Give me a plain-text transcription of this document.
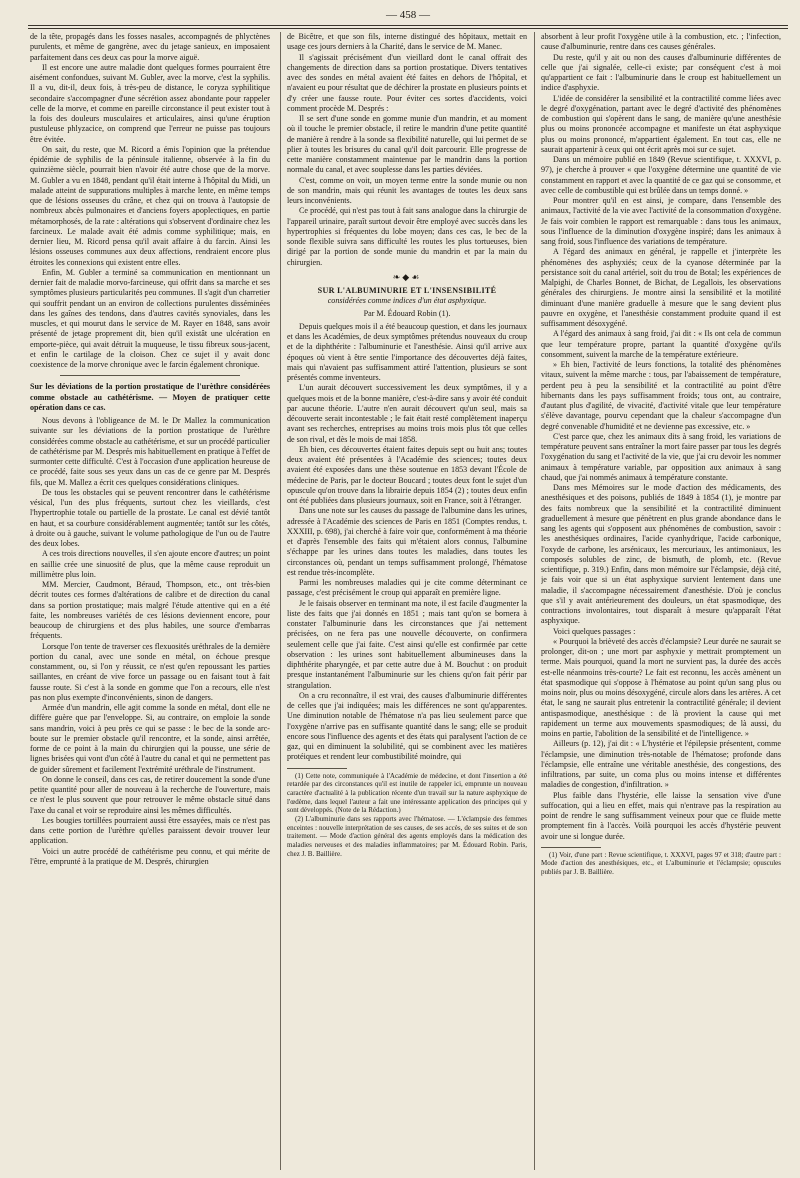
— 458 —

de la tête, propagés dans les fosses nasales, accompagnés de phlyctènes purulents, et même de gangrène, avec du jetage sanieux, en imposaient parfaitement dans ces deux cas pour la morve aiguë.

Il est encore une autre maladie dont quelques formes pourraient être aisément confondues, suivant M. Gubler, avec la morve, c'est la syphilis. Il a vu, dit-il, deux fois, à très-peu de distance, le coryza syphilitique secondaire s'accompagner d'une sécrétion assez abondante pour rappeler celle de la morve, et comme en pareille circonstance il peut exister tout à la fois des douleurs musculaires et articulaires, ainsi qu'une éruption pustuleuse phlyzacice, on comprend que l'erreur ne puisse pas toujours être évitée.

On sait, du reste, que M. Ricord a émis l'opinion que la prétendue épidémie de syphilis de la péninsule italienne, observée à la fin du quinzième siècle, pourrait bien n'avoir été autre chose que de la morve. M. Gubler a vu en 1848, pendant qu'il était interne à l'hôpital du Midi, un malade atteint de suppurations multiples à marche lente, en même temps que de lésions osseuses du crâne, et chez qui on trouva à l'autopsie de nombreux abcès pulmonaires et d'anciens foyers apoplectiques, en partie métamorphosés, de la rate : altérations qui s'observent d'ordinaire chez les farcineux. Le malade avait été admis comme syphilitique; mais, en dernier lieu, M. Ricord pensa qu'il avait affaire à du farcin. Ainsi les lésions osseuses communes aux deux affections, rendraient encore plus étroites les connexions qui existent entre elles.

Enfin, M. Gubler a terminé sa communication en mentionnant un dernier fait de maladie morvo-farcineuse, qui offrit dans sa marche et ses symptômes plusieurs particularités peu communes. Il s'agit d'un charretier qui souffrit pendant un an environ de collections purulentes disséminées dans les gaînes des tendons, dans d'autres cavités synoviales, dans les muscles, et qui mourut dans le service de M. Rayer en 1848, sans avoir présenté de jetage proprement dit, bien qu'il existât une ulcération en emporte-pièce, qui avait détruit la muqueuse, le tissu fibreux sous-jacent, et enfin le cartilage de la cloison. Chez ce sujet il y avait donc coexistence de la morve chronique avec le farcin également chronique.

Sur les déviations de la portion prostatique de l'urèthre considérées comme obstacle au cathétérisme. — Moyen de pratiquer cette opération dans ce cas.

Nous devons à l'obligeance de M. le Dr Mallez la communication suivante sur les déviations de la portion prostatique de l'urèthre considérées comme obstacle au cathétérisme, et sur un procédé particulier de cathétérisme par M. Després mis habituellement en pratique à l'effet de surmonter cette difficulté. C'est à l'occasion d'une application heureuse de ce procédé, faite sous ses yeux dans un cas de ce genre par M. Després fils, que M. Mallez a écrit ces quelques considérations cliniques.

De tous les obstacles qui se peuvent rencontrer dans le cathétérisme vésical, l'un des plus fréquents, surtout chez les vieillards, c'est l'hypertrophie totale ou partielle de la prostate. Le canal est dévié tantôt en haut, et sa courbure considérablement augmentée; tantôt sur les côtés, à droite ou à gauche, suivant le volume pathologique de l'un ou de l'autre des deux lobes.

A ces trois directions nouvelles, il s'en ajoute encore d'autres; un point en saillie crée une sinuosité de plus, que la même cause reproduit un millimètre plus loin.

MM. Mercier, Caudmont, Béraud, Thompson, etc., ont très-bien décrit toutes ces formes d'altérations de calibre et de direction du canal dans sa portion prostatique; mais malgré l'étude attentive qui en a été faite, les nombreuses variétés de ces lésions deviennent encore, pour beaucoup de chirurgiens et des plus habiles, une source d'embarras fréquents.

Lorsque l'on tente de traverser ces flexuosités uréthrales de la dernière portion du canal, avec une sonde en métal, on échoue presque constamment, ou, si l'on y réussit, ce n'est qu'en repoussant les parties saillantes, en créant de vive force un passage ou en faisant tout à fait fausse route. Si c'est à la sonde en gomme que l'on a recours, elle n'est pas non plus exempte d'inconvénients, sinon de dangers.

Armée d'un mandrin, elle agit comme la sonde en métal, dont elle ne diffère guère que par l'enveloppe. Si, au contraire, on emploie la sonde sans mandrin, voici à peu près ce qui se passe : le bec de la sonde arc-boute sur le premier obstacle qu'il rencontre, et la sonde, ainsi arrêtée, forme de ce point à la main du chirurgien qui la pousse, une série de lignes brisées qui vont d'un côté à l'autre du canal et qui ne permettent pas de guider sûrement et facilement l'extrémité uréthrale de l'instrument.

On donne le conseil, dans ces cas, de retirer doucement la sonde d'une petite quantité pour aller de nouveau à la recherche de l'ouverture, mais ce n'est le plus souvent que pour retrouver le même obstacle situé dans l'axe du canal et voir se reproduire ainsi les mêmes difficultés.

Les bougies tortillées pourraient aussi être essayées, mais ce n'est pas dans cette portion de l'urèthre qu'elles paraissent devoir trouver leur application.

Voici un autre procédé de cathétérisme peu connu, et qui mérite de l'être, emprunté à la pratique de M. Després, chirurgien

de Bicêtre, et que son fils, interne distingué des hôpitaux, mettait en usage ces jours derniers à la Charité, dans le service de M. Manec.

Il s'agissait précisément d'un vieillard dont le canal offrait des changements de direction dans sa portion prostatique. Divers tentatives avec des sondes en métal avaient été faites en dehors de l'hôpital, et n'avaient eu pour résultat que de déchirer la prostate en plusieurs points et d'y créer une fausse route. Pour éviter ces sortes d'accidents, voici comment procède M. Després :

Il se sert d'une sonde en gomme munie d'un mandrin, et au moment où il touche le premier obstacle, il retire le mandrin d'une petite quantité de manière à rendre à la sonde sa flexibilité naturelle, qui lui permet de se plier à toutes les brisures du canal qu'il doit parcourir. Elle progresse de cette manière constamment maintenue par le mandrin dans la portion normale du canal, et avec souplesse dans les parties déviées.

C'est, comme on voit, un moyen terme entre la sonde munie ou non de son mandrin, mais qui réunit les avantages de toutes les deux sans leurs inconvénients.

Ce procédé, qui n'est pas tout à fait sans analogue dans la chirurgie de l'appareil urinaire, paraît surtout devoir être employé avec succès dans les hypertrophies si fréquentes du lobe moyen; dans ces cas, le bec de la sonde flexible suivra sans difficulté les routes les plus tortueuses, bien dirigé par la portion de sonde munie du mandrin et par la main du chirurgien.

❧◆☙

SUR L'ALBUMINURIE ET L'INSENSIBILITÉ

considérées comme indices d'un état asphyxique.

Par M. Édouard Robin (1).

Depuis quelques mois il a été beaucoup question, et dans les journaux et dans les Académies, de deux symptômes prétendus nouveaux du croup et de la diphthérite : l'albuminurie et l'anesthésie. Ainsi qu'il arrive aux époques où vient à être sentie l'importance des découvertes déjà faites, mais qui n'avaient pas suffisamment attiré l'attention, plusieurs se sont présentés comme inventeurs.

L'un aurait découvert successivement les deux symptômes, il y a quelques mois et de la bonne manière, c'est-à-dire sans y avoir été conduit par aucune théorie. L'autre n'en aurait découvert qu'un seul, mais sa découverte serait incontestable ; le fait était resté complètement inaperçu avant ses recherches, entreprises au moins trois mois plus tôt que celles de son rival, et dès le mois de mai 1858.

Eh bien, ces découvertes étaient faites depuis sept ou huit ans; toutes deux avaient été présentées à l'Académie des sciences; toutes deux avaient été exposées dans une thèse soutenue en 1853 devant l'École de médecine de Paris, par le docteur Boucard ; toutes deux font le sujet d'un opuscule qu'on trouve dans la librairie depuis 1854 (2) ; toutes deux enfin ont été publiées dans plusieurs journaux, soit en France, soit à l'étranger.

Dans une note sur les causes du passage de l'albumine dans les urines, adressée à l'Académie des sciences de Paris en 1851 (Comptes rendus, t. XXXIII, p. 698), j'ai cherché à faire voir que, conformément à ma théorie et d'après l'ensemble des faits qui m'étaient alors connus, l'albumine s'échappe par les urines dans toutes les maladies, dans toutes les circonstances où, pendant un temps suffisamment prolongé, l'hématose est rendue très-incomplète.

Parmi les nombreuses maladies qui je cite comme déterminant ce passage, c'est précisément le croup qui apparaît en première ligne.

Je le faisais observer en terminant ma note, il est facile d'augmenter la liste des faits que j'ai donnés en 1851 ; mais tant qu'on se bornera à constater l'albuminurie dans les circonstances que j'ai nettement précisées, on ne fera pas une nouvelle découverte, on confirmera seulement celle que j'ai faite. C'est ainsi qu'elle est confirmée par cette observation : les urines sont habituellement albumineuses dans la diphthérite pharyngée, et par cette autre due à M. Bouchut : on produit presque instantanément l'albuminurie sur les chiens qu'on fait périr par strangulation.

On a cru reconnaître, il est vrai, des causes d'albuminurie différentes de celles que j'ai indiquées; mais les différences ne sont qu'apparentes. Une diminution notable de l'hématose n'a pas lieu seulement parce que l'oxygène n'arrive pas en suffisante quantité dans le sang; elle se produit encore sous l'influence des agents et des états qui paralysent l'action de ce gaz, qui en diminuent la solubilité, qui se combinent avec les matières protéiques et rendent leur combustibilité moindre, qui

(1) Cette note, communiquée à l'Académie de médecine, et dont l'insertion a été retardée par des circonstances qu'il est inutile de rappeler ici, emprunte un nouveau caractère d'actualité à la publication récente d'un travail sur la nature asphyxique de l'œdème, dans lequel l'auteur a fait une intéressante application des principes qui y sont développés. (Note de la Rédaction.)

(2) L'albuminurie dans ses rapports avec l'hématose. — L'éclampsie des femmes enceintes : nouvelle interprétation de ses causes, de ses accès, de ses suites et de son traitement. — Mode d'action général des agents employés dans la médication des maladies nerveuses et des maladies inflammatoires; par M. Édouard Robin. Paris, chez J. B. Baillière.

absorbent à leur profit l'oxygène utile à la combustion, etc. ; l'infection, cause d'albuminurie, rentre dans ces causes générales.

Du reste, qu'il y ait ou non des causes d'albuminurie différentes de celle que j'ai signalée, celle-ci existe; par conséquent c'est à moi qu'appartient ce fait : l'albuminurie dans le croup est habituellement un indice d'asphyxie.

L'idée de considérer la sensibilité et la contractilité comme liées avec le degré d'oxygénation, partant avec le degré d'activité des phénomènes de combustion qui s'opèrent dans le sang, de manière qu'une anesthésie plus ou moins prononcée accompagne et manifeste un état asphyxique plus ou moins prononcé, m'appartient également. En tout cas, elle ne saurait appartenir à ceux qui ont écrit après moi sur ce sujet.

Dans un mémoire publié en 1849 (Revue scientifique, t. XXXVI, p. 97), je cherche à prouver « que l'oxygène détermine une quantité de vie constamment en rapport et avec la quantité de ce gaz qui se consomme, et avec celle de combustible qui est brûlée dans un temps donné. »

Pour montrer qu'il en est ainsi, je compare, dans l'ensemble des animaux, l'activité de la vie avec l'activité de la consommation d'oxygène. Je fais voir combien le rapport est remarquable : dans tous les animaux, sous l'influence de la diminution d'oxygène inspiré; dans les animaux à sang froid, sous l'influence des variations de température.

A l'égard des animaux en général, je rappelle et j'interprète les phénomènes des asphyxiés; ceux de la cyanose déterminée par la persistance soit du canal artériel, soit du trou de Botal; les expériences de Malpighi, de Charles Bonnet, de Bichat, de Legallois, les observations générales des chirurgiens. Je montre ainsi la sensibilité et la motilité diminuant d'une manière graduelle à mesure que le sang devient plus pauvre en oxygène, et l'anesthésie constamment produite quand il est suffisamment désoxygéné.

A l'égard des animaux à sang froid, j'ai dit : « Ils ont cela de commun que leur température propre, partant la quantité d'oxygène qu'ils consomment, suivent la marche de la température extérieure.

» Eh bien, l'activité de leurs fonctions, la totalité des phénomènes vitaux, suivent la même marche : tous, par l'abaissement de température, perdent peu à peu la sensibilité et la contractilité au point d'être hibernants dans les pays suffisamment froids; tous ont, au contraire, d'autant plus d'agilité, de vivacité, d'activité vitale que leur température s'élève davantage, pourvu cependant que la chaleur s'accompagne d'un degré convenable d'humidité et ne devienne pas excessive, etc. »

C'est parce que, chez les animaux dits à sang froid, les variations de température peuvent sans entraîner la mort faire passer par tous les degrés l'oxygénation du sang et l'activité de la vie, que j'ai cru devoir les nommer animaux à température variable, par opposition aux animaux à sang chaud, que j'ai nommés animaux à température constante.

Dans mes Mémoires sur le mode d'action des médicaments, des anesthésiques et des poisons, publiés de 1849 à 1854 (1), je montre par des faits nombreux que la sensibilité et la contractilité diminuent graduellement à mesure que pénètrent en plus grande abondance dans le sang les agents qui s'opposent aux phénomènes de combustion, savoir : les anesthésiques ordinaires, l'acide cyanhydrique, l'acide carbonique, l'oxyde de carbone, les arsénicaux, les mercuriaux, les antimoniaux, les composés solubles de zinc, de bismuth, de plomb, etc. (Revue scientifique, p. 319.) Enfin, dans mon mémoire sur l'éclampsie, déjà cité, je fais voir que si un état asphyxique survient lentement dans une maladie, il s'accompagne nécessairement d'anesthésie. D'où je conclus que s'il y avait antérieurement des douleurs, un état spasmodique, des contractions involontaires, tout disparaît à mesure qu'apparaît l'état asphyxique.

Voici quelques passages :

« Pourquoi la brièveté des accès d'éclampsie? Leur durée ne saurait se prolonger, dit-on ; une mort par asphyxie y mettrait promptement un terme. Mais pourquoi, quand la mort ne survient pas, la durée des accès est-elle néanmoins très-courte? Le fait est reconnu, les accès amènent un état spasmodique qui s'oppose à l'hématose au point qu'un sang plus ou moins noir, plus ou moins désoxygéné, circule alors dans les artères. A cet état, le sang ne saurait plus entretenir la contractilité générale; il devient antispasmodique, anesthésique : de là provient la cause qui met rapidement un terme aux mouvements spasmodiques; de là aussi, du moins en partie, l'abolition de la sensibilité et de l'intelligence. »

Ailleurs (p. 12), j'ai dit : « L'hystérie et l'épilepsie présentent, comme l'éclampsie, une diminution très-notable de l'hématose; profonde dans l'éclampsie, elle entraîne une véritable anesthésie, des congestions, des infiltrations, par suite, un coma plus ou moins intense et différentes maladies de congestion, d'infiltration. »

Plus faible dans l'hystérie, elle laisse la sensation vive d'une suffocation, qui a lieu en effet, mais qui n'entrave pas la respiration au point de rendre le sang suffisamment veineux pour que ce fluide mette promptement fin à l'accès. Voilà pourquoi les accès d'hystérie peuvent avoir une si longue durée.

(1) Voir, d'une part : Revue scientifique, t. XXXVI, pages 97 et 318; d'autre part : Mode d'action des anesthésiques, etc., et L'albuminurie et l'éclampsie; opuscules publiés par J. B. Baillière.
